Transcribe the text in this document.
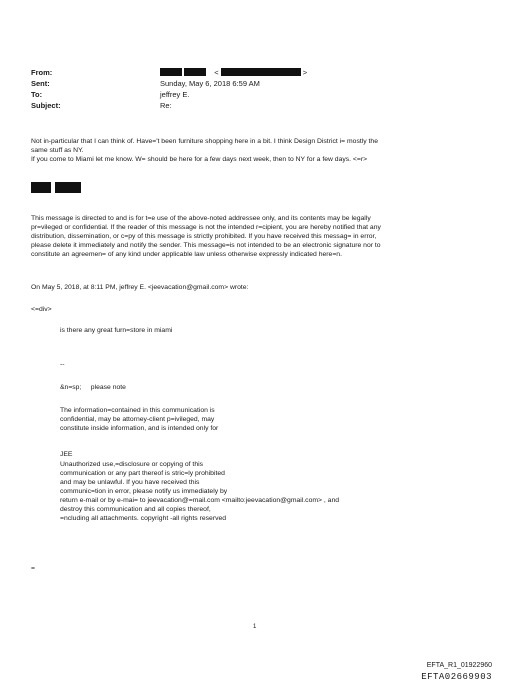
From:	<	>
Sent:	Sunday, May 6, 2018 6:59 AM
To:	jeffrey E.
Subject:	Re:
Not in-particular that I can think of. Have='t been furniture shopping here in a bit. I think Design District i= mostly the
same stuff as NY.
If you come to Miami let me know. W= should be here for a few days next week, then to NY for a few days. <=r>

This message is directed to and is for t=e use of the above-noted addressee only, and its contents may be legally
pr=vileged or confidential. If the reader of this message is not the intended r=cipient, you are hereby notified that any
distribution, dissemination, or c=py of this message is strictly prohibited. If you have received this messag= in error,
please delete it immediately and notify the sender. This message=is not intended to be an electronic signature nor to
constitute an agreemen= of any kind under applicable law unless otherwise expressly indicated here=n.
On May 5, 2018, at 8:11 PM, jeffrey E. <jeevacation@gmail.com> wrote:
<=div>
is there any great furn=store in miami
--
&n=sp;     please note
The information=contained in this communication is
confidential, may be attorney-client p=ivileged, may
constitute inside information, and is intended only for
JEE
Unauthorized use,=disclosure or copying of this
communication or any part thereof is stric=ly prohibited
and may be unlawful. If you have received this
communic=tion in error, please notify us immediately by
return e-mail or by e-mai= to jeevacation@=mail.com <mailto:jeevacation@gmail.com> , and
destroy this communication and all copies thereof,
=ncluding all attachments. copyright -all rights reserved
=
1
EFTA_R1_01922960
EFTA02669903
